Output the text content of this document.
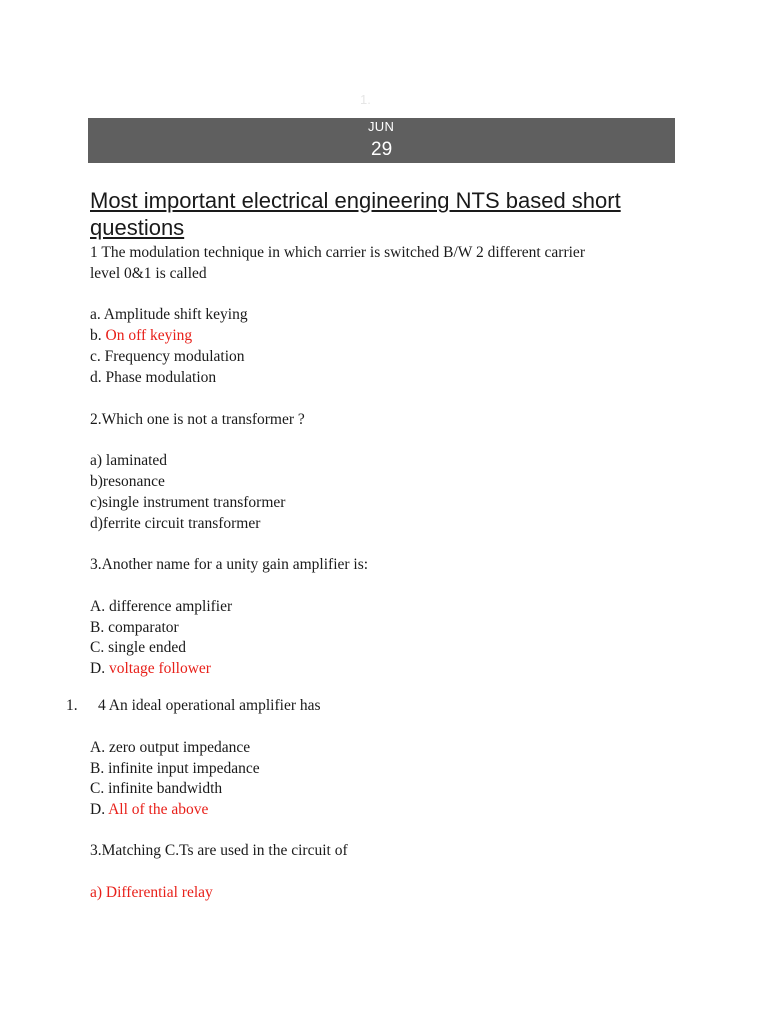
1.
JUN
29
Most important electrical engineering NTS based short questions
1 The modulation technique in which carrier is switched B/W 2 different carrier
level 0&1 is called
a. Amplitude shift keying
b. On off keying
c. Frequency modulation
d. Phase modulation
2.Which one is not a transformer ?
a) laminated
b)resonance
c)single instrument transformer
d)ferrite circuit transformer
3.Another name for a unity gain amplifier is:
A. difference amplifier
B. comparator
C. single ended
D. voltage follower
1. 4 An ideal operational amplifier has
A. zero output impedance
B. infinite input impedance
C. infinite bandwidth
D. All of the above
3.Matching C.Ts are used in the circuit of
a) Differential relay
